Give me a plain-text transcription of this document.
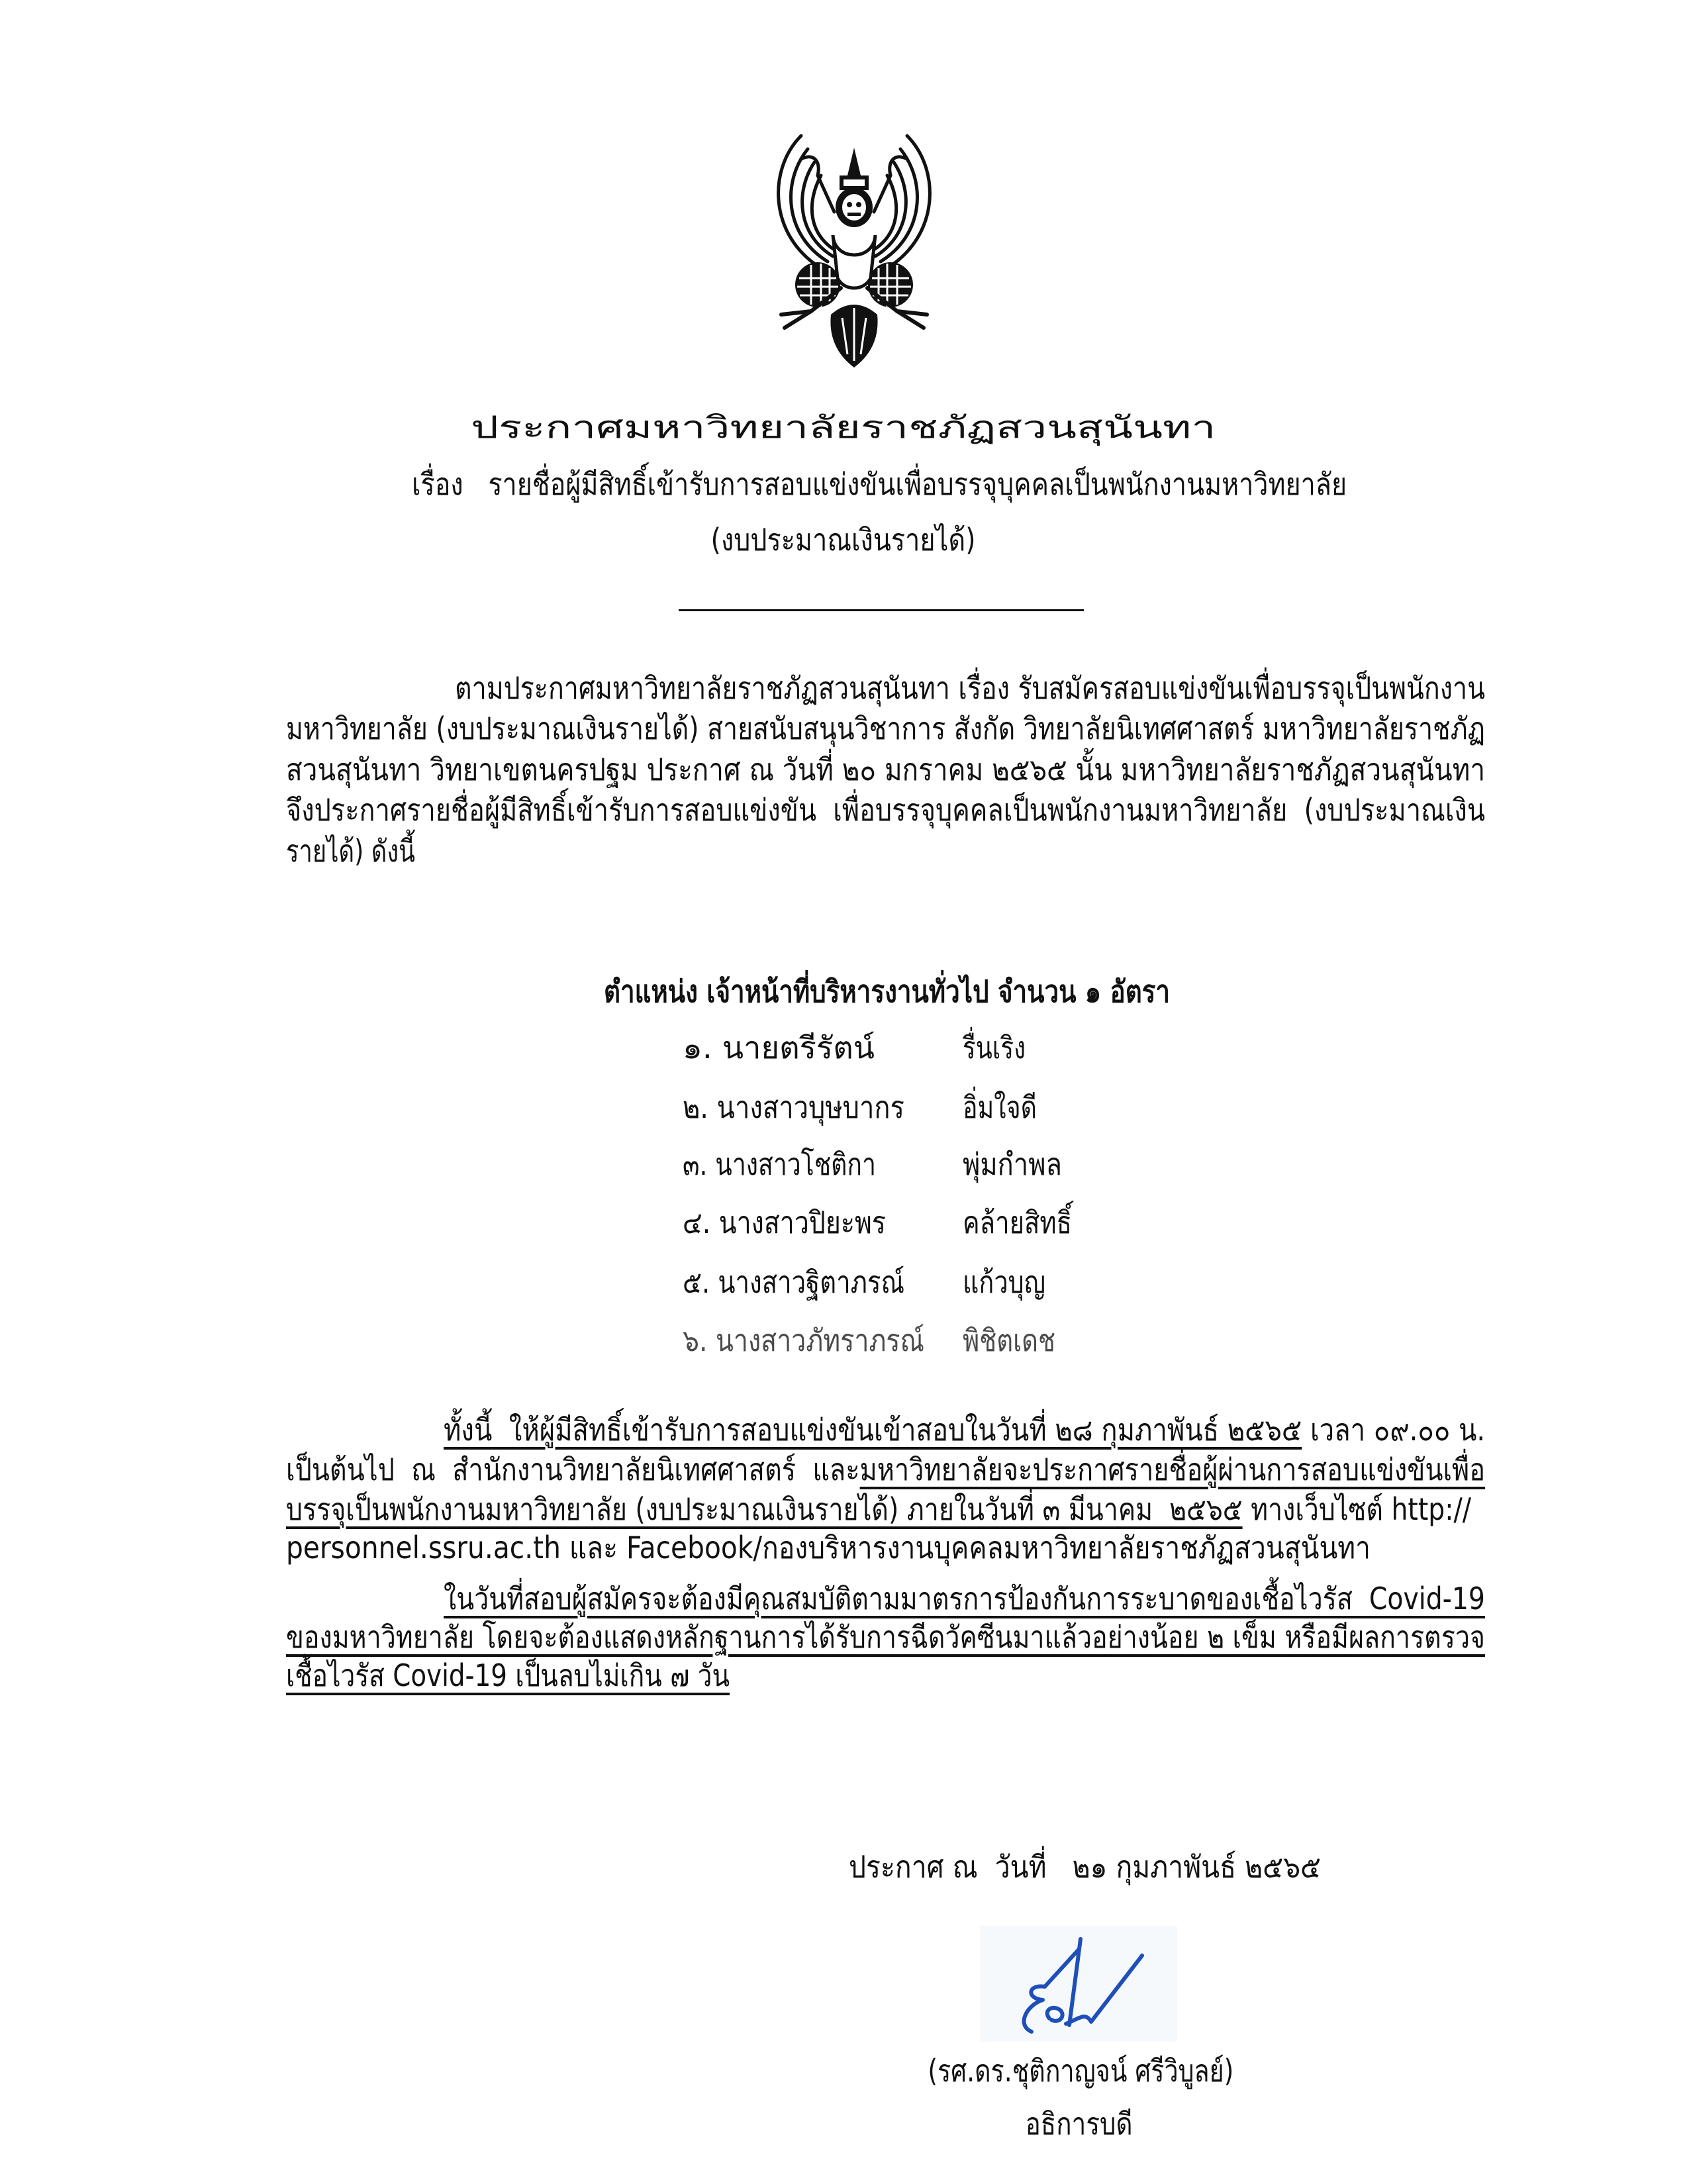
ประกาศมหาวิทยาลัยราชภัฏสวนสุนันทา
เรื่อง รายชื่อผู้มีสิทธิ์เข้ารับการสอบแข่งขันเพื่อบรรจุบุคคลเป็นพนักงานมหาวิทยาลัย
(งบประมาณเงินรายได้)
ตามประกาศมหาวิทยาลัยราชภัฏสวนสุนันทา เรื่อง รับสมัครสอบแข่งขันเพื่อบรรจุเป็นพนักงาน
มหาวิทยาลัย (งบประมาณเงินรายได้) สายสนับสนุนวิชาการ สังกัด วิทยาลัยนิเทศศาสตร์ มหาวิทยาลัยราชภัฏ
สวนสุนันทา วิทยาเขตนครปฐม ประกาศ ณ วันที่ ๒๐ มกราคม ๒๕๖๕ นั้น มหาวิทยาลัยราชภัฏสวนสุนันทา
จึงประกาศรายชื่อผู้มีสิทธิ์เข้ารับการสอบแข่งขัน  เพื่อบรรจุบุคคลเป็นพนักงานมหาวิทยาลัย  (งบประมาณเงิน
รายได้) ดังนี้
ตำแหน่ง เจ้าหน้าที่บริหารงานทั่วไป จำนวน ๑ อัตรา
๑. นายตรีรัตน์	รื่นเริง
๒. นางสาวบุษบากร	อิ่มใจดี
๓. นางสาวโชติกา	พุ่มกำพล
๔. นางสาวปิยะพร	คล้ายสิทธิ์
๕. นางสาวฐิตาภรณ์	แก้วบุญ
๖. นางสาวภัทราภรณ์	พิชิตเดช
ทั้งนี้  ให้ผู้มีสิทธิ์เข้ารับการสอบแข่งขันเข้าสอบในวันที่ ๒๘ กุมภาพันธ์ ๒๕๖๕ เวลา ๐๙.๐๐ น.
เป็นต้นไป  ณ  สำนักงานวิทยาลัยนิเทศศาสตร์  และมหาวิทยาลัยจะประกาศรายชื่อผู้ผ่านการสอบแข่งขันเพื่อ
บรรจุเป็นพนักงานมหาวิทยาลัย (งบประมาณเงินรายได้) ภายในวันที่ ๓ มีนาคม  ๒๕๖๕ ทางเว็บไซต์ http://
personnel.ssru.ac.th และ Facebook/กองบริหารงานบุคคลมหาวิทยาลัยราชภัฏสวนสุนันทา
ในวันที่สอบผู้สมัครจะต้องมีคุณสมบัติตามมาตรการป้องกันการระบาดของเชื้อไวรัส  Covid-19
ของมหาวิทยาลัย โดยจะต้องแสดงหลักฐานการได้รับการฉีดวัคซีนมาแล้วอย่างน้อย ๒ เข็ม หรือมีผลการตรวจ
เชื้อไวรัส Covid-19 เป็นลบไม่เกิน ๗ วัน
ประกาศ ณ  วันที่   ๒๑ กุมภาพันธ์ ๒๕๖๕
(รศ.ดร.ชุติกาญจน์ ศรีวิบูลย์)
อธิการบดี
